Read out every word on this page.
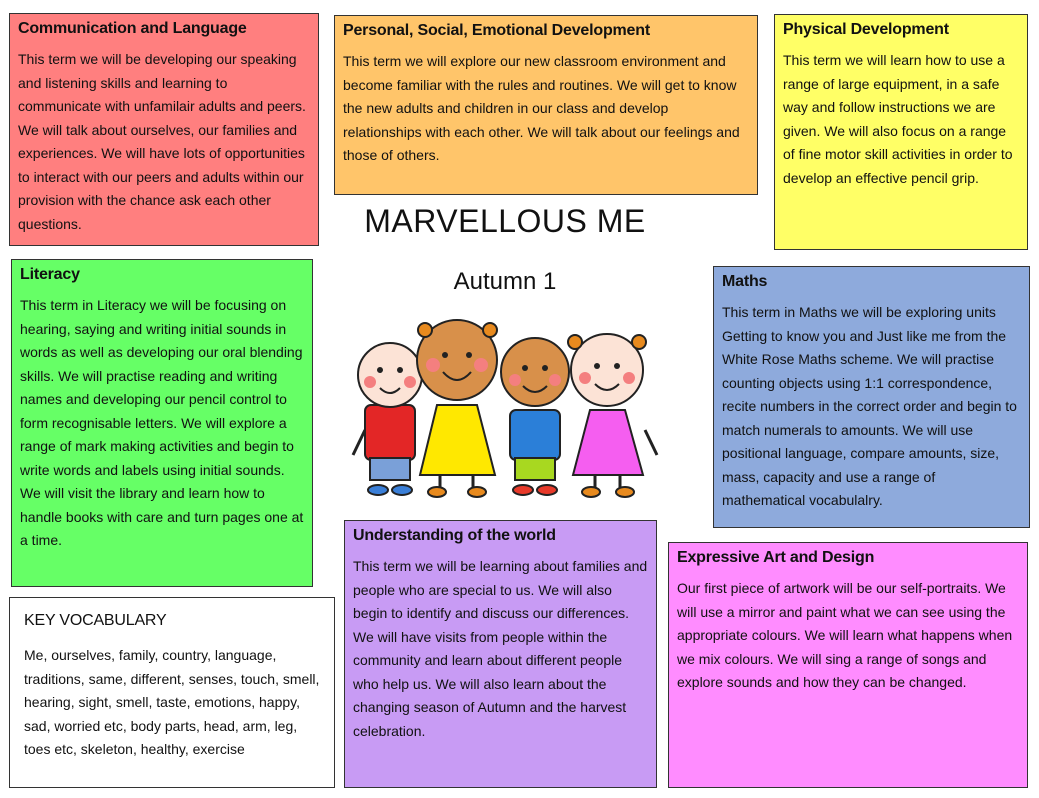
Communication and Language

This term we will be developing our speaking and listening skills and learning to communicate with unfamilair adults and peers. We will talk about ourselves, our families and experiences. We will have lots of opportunities to interact with our peers and adults within our provision with the chance ask each other questions.

Personal, Social, Emotional Development

This term we will explore our new classroom environment and become familiar with the rules and routines. We will get to know the new adults and children in our class and develop relationships with each other. We will talk about our feelings and those of others.

Physical Development

This term we will learn how to use a range of large equipment, in a safe way and follow instructions we are given. We will also focus on a range of fine motor skill activities in order to develop an effective pencil grip.

MARVELLOUS ME
Autumn 1
Literacy

This term in Literacy we will be focusing on hearing, saying and writing initial sounds in words as well as developing our oral blending skills. We will practise reading and writing names and developing our pencil control to form recognisable letters. We will explore a range of mark making activities and begin to write words and labels using initial sounds. We will visit the library and learn how to handle books with care and turn pages one at a time.

Maths

This term in Maths we will be exploring units Getting to know you and Just like me from the White Rose Maths scheme. We will practise counting objects using 1:1 correspondence, recite numbers in the correct order and begin to match numerals to amounts. We will use positional language, compare amounts, size, mass, capacity and use a range of mathematical vocabulalry.

Understanding of the world

This term we will be learning about families and people who are special to us. We will also begin to identify and discuss our differences. We will have visits from people within the community and learn about different people who help us. We will also learn about the changing season of Autumn and the harvest celebration.

Expressive Art and Design

Our first piece of artwork will be our self-portraits. We will use a mirror and paint what we can see using the appropriate colours. We will learn what happens when we mix colours. We will sing a range of songs and explore sounds and how they can be changed.

KEY VOCABULARY

Me, ourselves, family, country, language, traditions, same, different, senses, touch, smell, hearing, sight, smell, taste, emotions, happy, sad, worried etc, body parts, head, arm, leg, toes etc, skeleton, healthy, exercise
